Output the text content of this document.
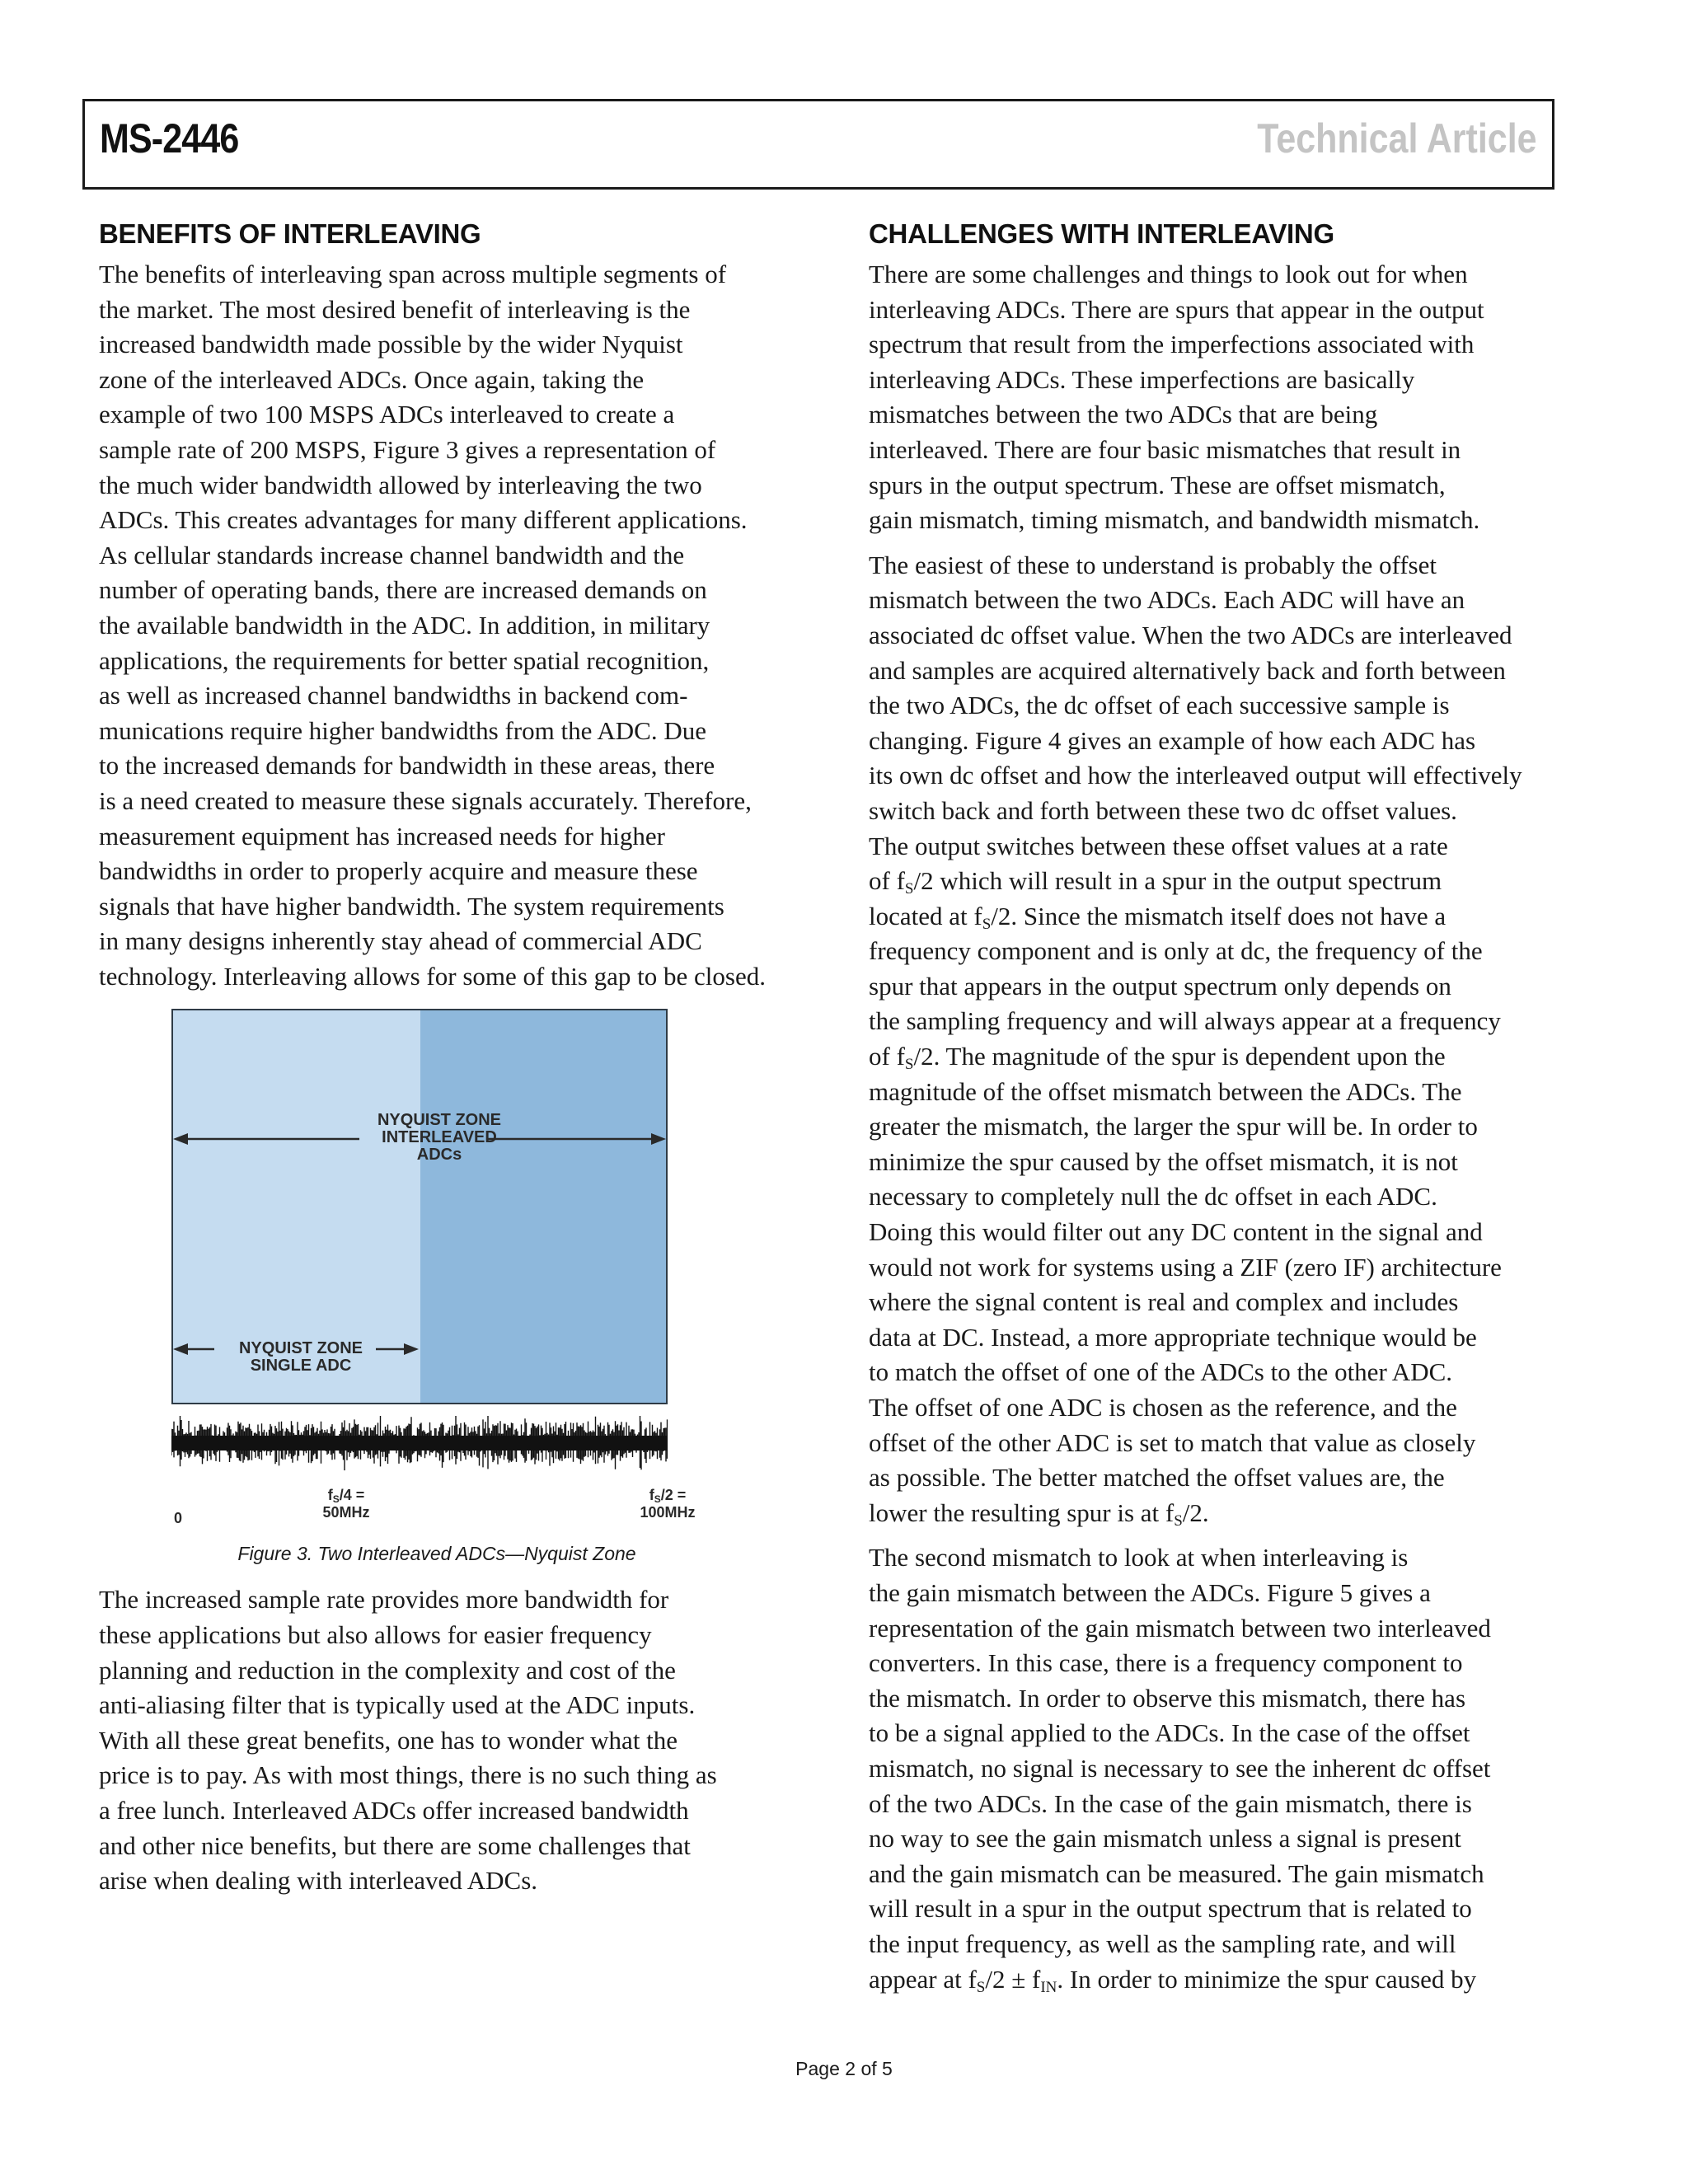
MS-2446	Technical Article
BENEFITS OF INTERLEAVING

The benefits of interleaving span across multiple segments of
the market. The most desired benefit of interleaving is the
increased bandwidth made possible by the wider Nyquist
zone of the interleaved ADCs. Once again, taking the
example of two 100 MSPS ADCs interleaved to create a
sample rate of 200 MSPS, Figure 3 gives a representation of
the much wider bandwidth allowed by interleaving the two
ADCs. This creates advantages for many different applications.
As cellular standards increase channel bandwidth and the
number of operating bands, there are increased demands on
the available bandwidth in the ADC. In addition, in military
applications, the requirements for better spatial recognition,
as well as increased channel bandwidths in backend com-
munications require higher bandwidths from the ADC. Due
to the increased demands for bandwidth in these areas, there
is a need created to measure these signals accurately. Therefore,
measurement equipment has increased needs for higher
bandwidths in order to properly acquire and measure these
signals that have higher bandwidth. The system requirements
in many designs inherently stay ahead of commercial ADC
technology. Interleaving allows for some of this gap to be closed.

NYQUIST ZONE
INTERLEAVED ADCs
NYQUIST ZONE
SINGLE ADC
0
$f_S/4$ =
50MHz
$f_S/2$ =
100MHz
Figure 3. Two Interleaved ADCs—Nyquist Zone

The increased sample rate provides more bandwidth for
these applications but also allows for easier frequency
planning and reduction in the complexity and cost of the
anti-aliasing filter that is typically used at the ADC inputs.
With all these great benefits, one has to wonder what the
price is to pay. As with most things, there is no such thing as
a free lunch. Interleaved ADCs offer increased bandwidth
and other nice benefits, but there are some challenges that
arise when dealing with interleaved ADCs.

CHALLENGES WITH INTERLEAVING

There are some challenges and things to look out for when
interleaving ADCs. There are spurs that appear in the output
spectrum that result from the imperfections associated with
interleaving ADCs. These imperfections are basically
mismatches between the two ADCs that are being
interleaved. There are four basic mismatches that result in
spurs in the output spectrum. These are offset mismatch,
gain mismatch, timing mismatch, and bandwidth mismatch.

The easiest of these to understand is probably the offset
mismatch between the two ADCs. Each ADC will have an
associated dc offset value. When the two ADCs are interleaved
and samples are acquired alternatively back and forth between
the two ADCs, the dc offset of each successive sample is
changing. Figure 4 gives an example of how each ADC has
its own dc offset and how the interleaved output will effectively
switch back and forth between these two dc offset values.
The output switches between these offset values at a rate
of $f_S/2$ which will result in a spur in the output spectrum
located at $f_S/2$. Since the mismatch itself does not have a
frequency component and is only at dc, the frequency of the
spur that appears in the output spectrum only depends on
the sampling frequency and will always appear at a frequency
of $f_S/2$. The magnitude of the spur is dependent upon the
magnitude of the offset mismatch between the ADCs. The
greater the mismatch, the larger the spur will be. In order to
minimize the spur caused by the offset mismatch, it is not
necessary to completely null the dc offset in each ADC.
Doing this would filter out any DC content in the signal and
would not work for systems using a ZIF (zero IF) architecture
where the signal content is real and complex and includes
data at DC. Instead, a more appropriate technique would be
to match the offset of one of the ADCs to the other ADC.
The offset of one ADC is chosen as the reference, and the
offset of the other ADC is set to match that value as closely
as possible. The better matched the offset values are, the
lower the resulting spur is at $f_S/2$.

The second mismatch to look at when interleaving is
the gain mismatch between the ADCs. Figure 5 gives a
representation of the gain mismatch between two interleaved
converters. In this case, there is a frequency component to
the mismatch. In order to observe this mismatch, there has
to be a signal applied to the ADCs. In the case of the offset
mismatch, no signal is necessary to see the inherent dc offset
of the two ADCs. In the case of the gain mismatch, there is
no way to see the gain mismatch unless a signal is present
and the gain mismatch can be measured. The gain mismatch
will result in a spur in the output spectrum that is related to
the input frequency, as well as the sampling rate, and will
appear at $f_S/2 \pm f_{IN}$. In order to minimize the spur caused by

Page 2 of 5
